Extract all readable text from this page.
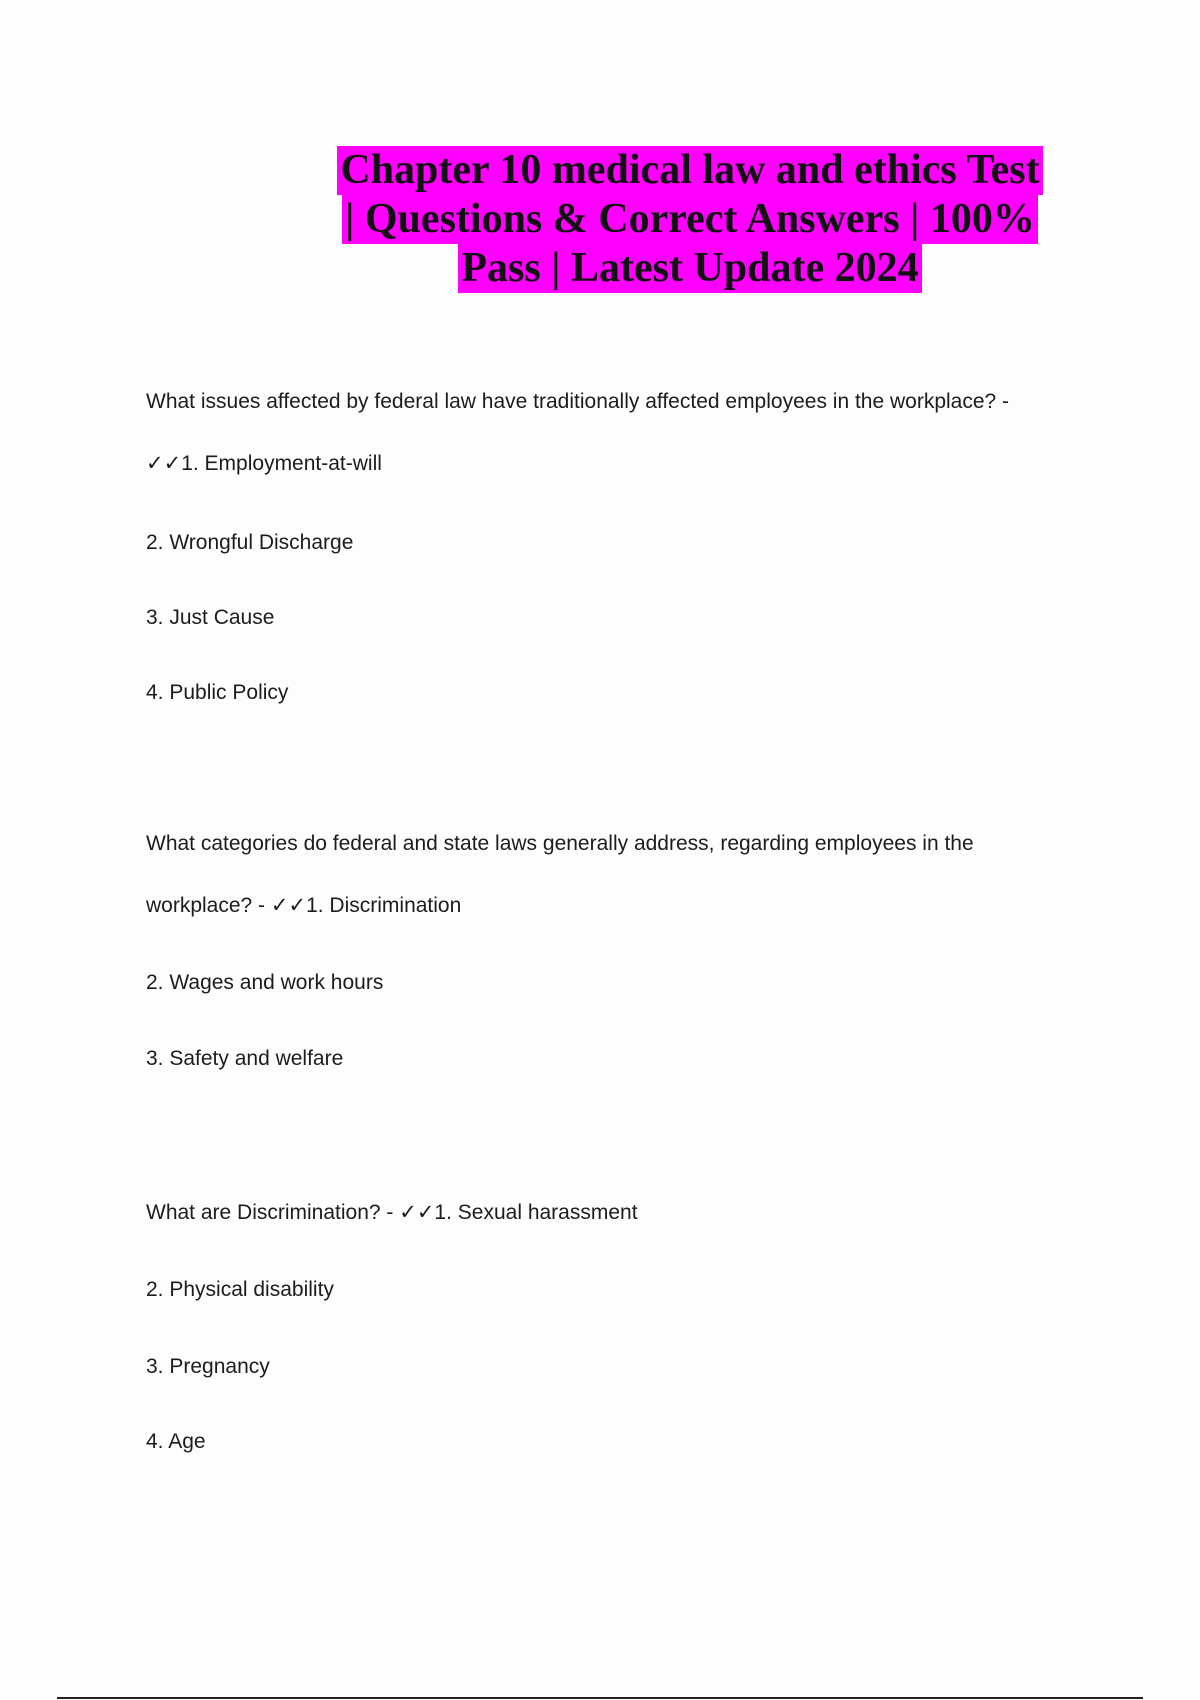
Chapter 10 medical law and ethics Test
| Questions & Correct Answers | 100%
Pass | Latest Update 2024
What issues affected by federal law have traditionally affected employees in the workplace? -
✓✓1. Employment-at-will
2. Wrongful Discharge
3. Just Cause
4. Public Policy
What categories do federal and state laws generally address, regarding employees in the
workplace? - ✓✓1. Discrimination
2. Wages and work hours
3. Safety and welfare
What are Discrimination? - ✓✓1. Sexual harassment
2. Physical disability
3. Pregnancy
4. Age
